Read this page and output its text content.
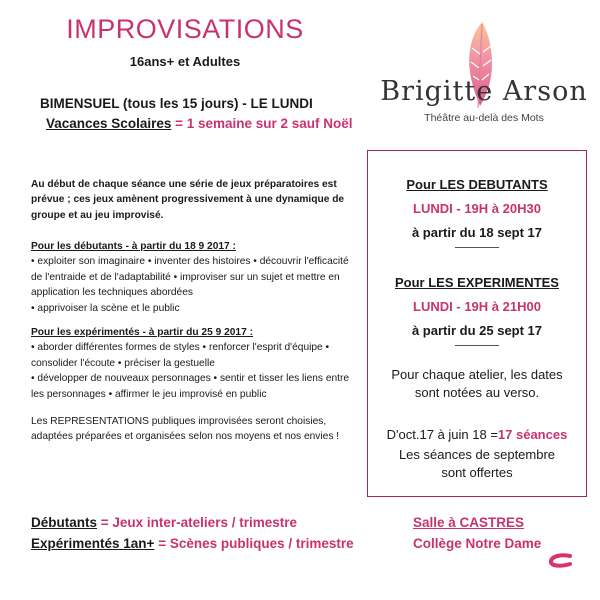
IMPROVISATIONS
16ans+ et Adultes
BIMENSUEL (tous les 15 jours) - LE LUNDI
Vacances Scolaires = 1 semaine sur 2 sauf Noël
Brigitte Arson
Théâtre au-delà des Mots
Au début de chaque séance une série de jeux préparatoires est prévue ; ces jeux amènent progressivement à une dynamique de groupe et au jeu improvisé.
Pour les débutants - à partir du 18 9 2017 :
• exploiter son imaginaire • inventer des histoires • découvrir l'efficacité de l'entraide et de l'adaptabilité • improviser sur un sujet et mettre en application les techniques abordées
• apprivoiser la scène et le public
Pour les expérimentés - à partir du 25 9 2017 :
• aborder différentes formes de styles • renforcer l'esprit d'équipe • consolider l'écoute • préciser la gestuelle
• développer de nouveaux personnages • sentir et tisser les liens entre les personnages • affirmer le jeu improvisé en public
Les REPRESENTATIONS publiques improvisées seront choisies, adaptées préparées et organisées selon nos moyens et nos envies !
Pour LES DEBUTANTS
LUNDI - 19H à 20H30
à partir du 18 sept 17
Pour LES EXPERIMENTES
LUNDI - 19H à 21H00
à partir du 25 sept 17
Pour chaque atelier, les dates
sont notées au verso.
D'oct.17 à juin 18 =17 séances
Les séances de septembre
sont offertes
Débutants = Jeux inter-ateliers / trimestre
Expérimentés 1an+ = Scènes publiques / trimestre
Salle à CASTRES
Collège Notre Dame
